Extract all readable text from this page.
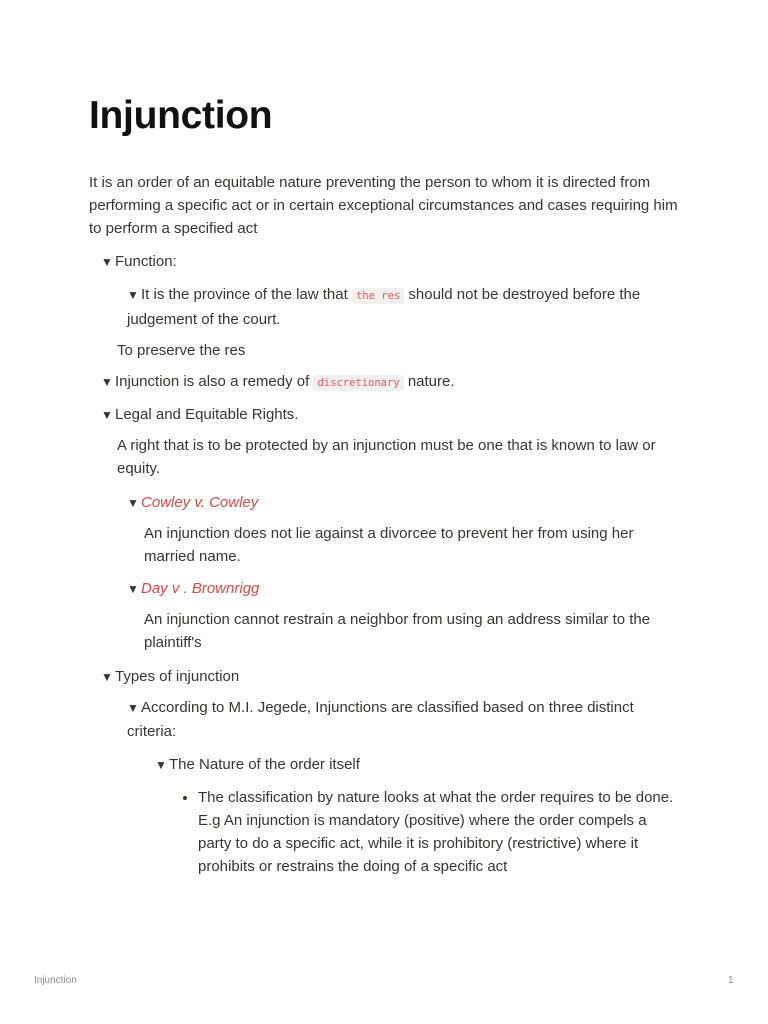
Injunction

It is an order of an equitable nature preventing the person to whom it is directed from performing a specific act or in certain exceptional circumstances and cases requiring him to perform a specified act

▼ Function:
▼ It is the province of the law that the res should not be destroyed before the judgement of the court.
To preserve the res
▼ Injunction is also a remedy of discretionary nature.
▼ Legal and Equitable Rights.
A right that is to be protected by an injunction must be one that is known to law or equity.
▼ Cowley v. Cowley
An injunction does not lie against a divorcee to prevent her from using her married name.
▼ Day v . Brownrigg
An injunction cannot restrain a neighbor from using an address similar to the plaintiff's
▼ Types of injunction
▼ According to M.I. Jegede, Injunctions are classified based on three distinct criteria:
▼ The Nature of the order itself
• The classification by nature looks at what the order requires to be done. E.g An injunction is mandatory (positive) where the order compels a party to do a specific act, while it is prohibitory (restrictive) where it prohibits or restrains the doing of a specific act
Injunction	1
